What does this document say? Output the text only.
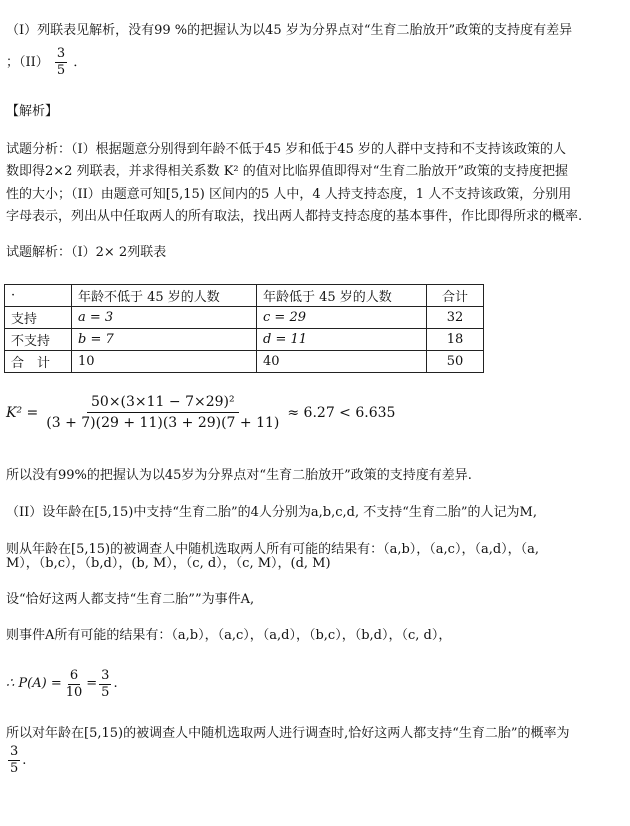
（I）列联表见解析，没有99 %的把握认为以45 岁为分界点对“生育二胎放开”政策的支持度有差异
；$(II) \frac{3}{5}$ ．
【解析】
试题分析：（I）根据题意分别得到年龄不低于45 岁和低于45 岁的人群中支持和不支持该政策的人
数即得2×2 列联表，并求得相关系数 K² 的值对比临界值即得对“生育二胎放开”政策的支持度把握
性的大小；（II）由题意可知[5,15) 区间内的5 人中，4 人持支持态度，1 人不支持该政策，分别用
字母表示，列出从中任取两人的所有取法，找出两人都持支持态度的基本事件，作比即得所求的概率.
试题解析：（I）2× 2列联表
·	年龄不低于 45 岁的人数	年龄低于 45 岁的人数	合计
支持	a = 3	c = 29	32
不支持	b = 7	d = 11	18
合　计	10	40	50
$K^2 = \frac{\text{50×(3×11 − 7×29)²}}{(3 + 7)(29 + 11)(3 + 29)(7 + 11)} \approx 6.27 < 6.635$
所以没有99%的把握认为以45岁为分界点对“生育二胎放开”政策的支持度有差异.
（II）设年龄在[5,15)中支持“生育二胎”的4人分别为a,b,c,d, 不支持“生育二胎”的人记为M,
则从年龄在[5,15)的被调查人中随机选取两人所有可能的结果有：（a,b），（a,c），（a,d），（a,
M），（b,c），（b,d），(b, M），（c, d），（c, M），(d, M)
设“恰好这两人都支持“生育二胎””为事件A,
则事件A所有可能的结果有：（a,b），（a,c），（a,d），（b,c），（b,d），（c, d），
∴ $P(A) = \frac{6}{10} = \frac{3}{5}$ .
所以对年龄在[5,15)的被调查人中随机选取两人进行调查时,恰好这两人都支持“生育二胎”的概率为
$\frac{3}{5}$ .
